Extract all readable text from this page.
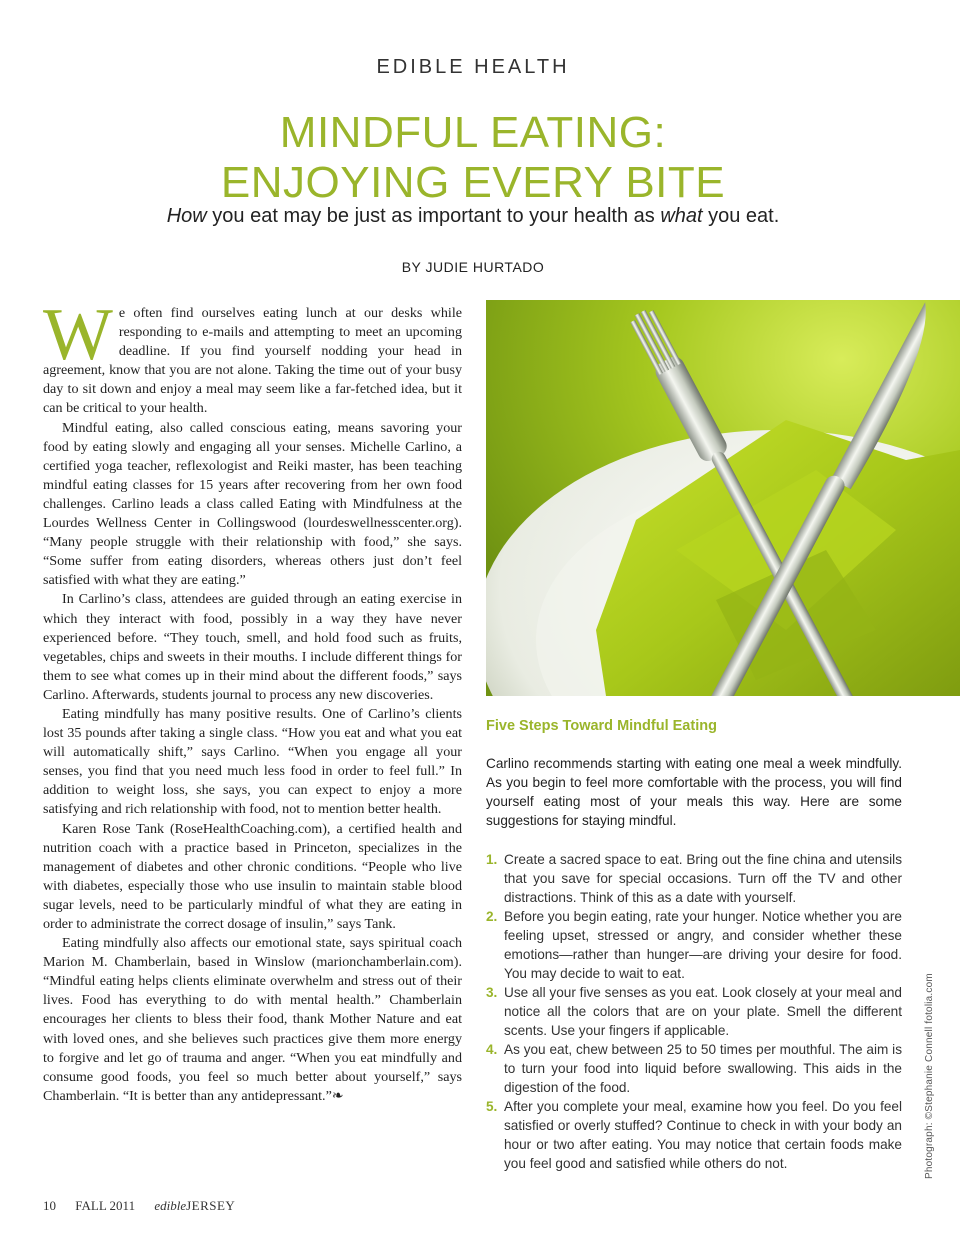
EDIBLE HEALTH
MINDFUL EATING:
ENJOYING EVERY BITE
How you eat may be just as important to your health as what you eat.
BY JUDIE HURTADO

We often find ourselves eating lunch at our desks while responding to e-mails and attempting to meet an upcoming deadline. If you find yourself nodding your head in agreement, know that you are not alone. Taking the time out of your busy day to sit down and enjoy a meal may seem like a far-fetched idea, but it can be critical to your health.

Mindful eating, also called conscious eating, means savoring your food by eating slowly and engaging all your senses. Michelle Carlino, a certified yoga teacher, reflexologist and Reiki master, has been teaching mindful eating classes for 15 years after recovering from her own food challenges. Carlino leads a class called Eating with Mindfulness at the Lourdes Wellness Center in Collingswood (lourdeswellnesscenter.org). “Many people struggle with their relationship with food,” she says. “Some suffer from eating disorders, whereas others just don’t feel satisfied with what they are eating.”

In Carlino’s class, attendees are guided through an eating exercise in which they interact with food, possibly in a way they have never experienced before. “They touch, smell, and hold food such as fruits, vegetables, chips and sweets in their mouths. I include different things for them to see what comes up in their mind about the different foods,” says Carlino. Afterwards, students journal to process any new discoveries.

Eating mindfully has many positive results. One of Carlino’s clients lost 35 pounds after taking a single class. “How you eat and what you eat will automatically shift,” says Carlino. “When you engage all your senses, you find that you need much less food in order to feel full.” In addition to weight loss, she says, you can expect to enjoy a more satisfying and rich relationship with food, not to mention better health.

Karen Rose Tank (RoseHealthCoaching.com), a certified health and nutrition coach with a practice based in Princeton, specializes in the management of diabetes and other chronic conditions. “People who live with diabetes, especially those who use insulin to maintain stable blood sugar levels, need to be particularly mindful of what they are eating in order to administrate the correct dosage of insulin,” says Tank.

Eating mindfully also affects our emotional state, says spiritual coach Marion M. Chamberlain, based in Winslow (marionchamberlain.com). “Mindful eating helps clients eliminate overwhelm and stress out of their lives. Food has everything to do with mental health.” Chamberlain encourages her clients to bless their food, thank Mother Nature and eat with loved ones, and she believes such practices give them more energy to forgive and let go of trauma and anger. “When you eat mindfully and consume good foods, you feel so much better about yourself,” says Chamberlain. “It is better than any antidepressant.”❧

Five Steps Toward Mindful Eating
Carlino recommends starting with eating one meal a week mindfully. As you begin to feel more comfortable with the process, you will find yourself eating most of your meals this way. Here are some suggestions for staying mindful.
1. Create a sacred space to eat. Bring out the fine china and utensils that you save for special occasions. Turn off the TV and other distractions. Think of this as a date with yourself.
2. Before you begin eating, rate your hunger. Notice whether you are feeling upset, stressed or angry, and consider whether these emotions—rather than hunger—are driving your desire for food. You may decide to wait to eat.
3. Use all your five senses as you eat. Look closely at your meal and notice all the colors that are on your plate. Smell the different scents. Use your fingers if applicable.
4. As you eat, chew between 25 to 50 times per mouthful. The aim is to turn your food into liquid before swallowing. This aids in the digestion of the food.
5. After you complete your meal, examine how you feel. Do you feel satisfied or overly stuffed? Continue to check in with your body an hour or two after eating. You may notice that certain foods make you feel good and satisfied while others do not.	Photograph: ©Stephanie Connell fotolia.com
10 FALL 2011 edibleJERSEY
